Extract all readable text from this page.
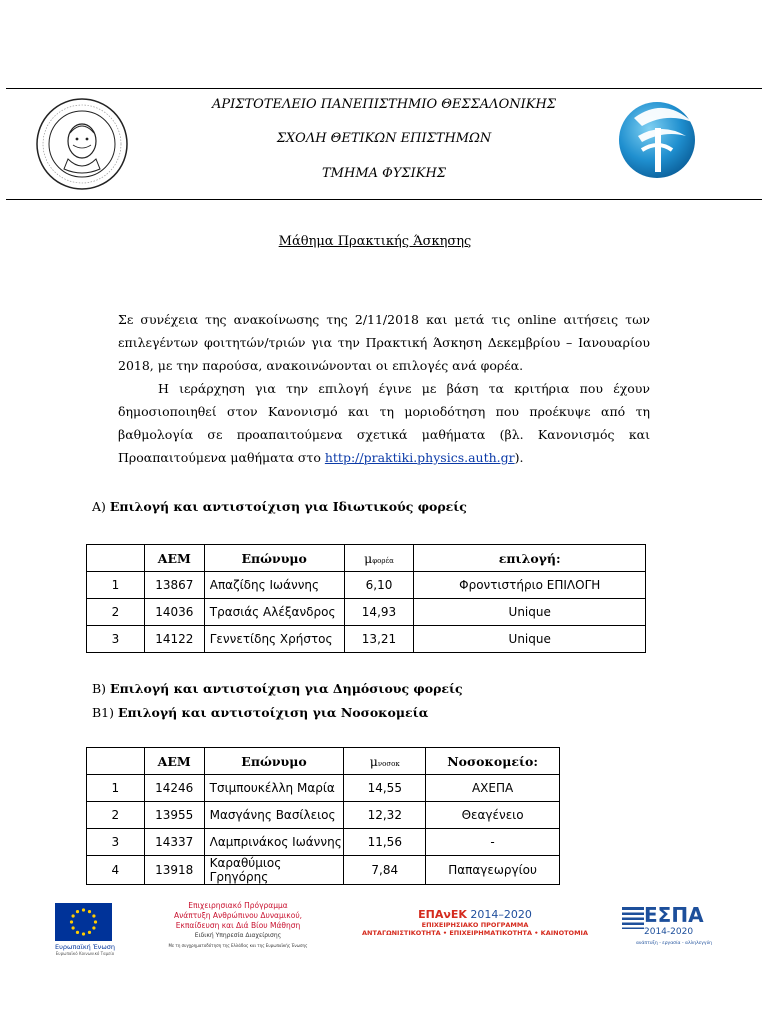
ΑΡΙΣΤΟΤΕΛΕΙΟ ΠΑΝΕΠΙΣΤΗΜΙΟ ΘΕΣΣΑΛΟΝΙΚΗΣ
ΣΧΟΛΗ ΘΕΤΙΚΩΝ ΕΠΙΣΤΗΜΩΝ
ΤΜΗΜΑ ΦΥΣΙΚΗΣ
Μάθημα Πρακτικής Άσκησης
Σε συνέχεια της ανακοίνωσης της 2/11/2018 και μετά τις online αιτήσεις των επιλεγέντων φοιτητών/τριών για την Πρακτική Άσκηση Δεκεμβρίου – Ιανουαρίου 2018, με την παρούσα, ανακοινώνονται οι επιλογές ανά φορέα.
Η ιεράρχηση για την επιλογή έγινε με βάση τα κριτήρια που έχουν δημοσιοποιηθεί στον Κανονισμό και τη μοριοδότηση που προέκυψε από τη βαθμολογία σε προαπαιτούμενα σχετικά μαθήματα (βλ. Κανονισμός και Προαπαιτούμενα μαθήματα στο http://praktiki.physics.auth.gr).
Α) Επιλογή και αντιστοίχιση για Ιδιωτικούς φορείς
	ΑΕΜ	Επώνυμο	μφορέα	επιλογή:
1	13867	Απαζίδης Ιωάννης	6,10	Φροντιστήριο ΕΠΙΛΟΓΗ
2	14036	Τρασιάς Αλέξανδρος	14,93	Unique
3	14122	Γεννετίδης Χρήστος	13,21	Unique
Β) Επιλογή και αντιστοίχιση για Δημόσιους φορείς
Β1) Επιλογή και αντιστοίχιση για Νοσοκομεία
	ΑΕΜ	Επώνυμο	μνοσοκ	Νοσοκομείο:
1	14246	Τσιμπουκέλλη Μαρία	14,55	ΑΧΕΠΑ
2	13955	Μασγάνης Βασίλειος	12,32	Θεαγένειο
3	14337	Λαμπρινάκος Ιωάννης	11,56	-
4	13918	Καραθύμιος Γρηγόρης	7,84	Παπαγεωργίου
Ευρωπαϊκή Ένωση
Ευρωπαϊκό Κοινωνικό Ταμείο
Επιχειρησιακό Πρόγραμμα
Ανάπτυξη Ανθρώπινου Δυναμικού,
Εκπαίδευση και Διά Βίου Μάθηση
Ειδική Υπηρεσία Διαχείρισης
Με τη συγχρηματοδότηση της Ελλάδας και της Ευρωπαϊκής Ένωσης
ΕΠΑνΕΚ 2014–2020
ΕΠΙΧΕΙΡΗΣΙΑΚΟ ΠΡΟΓΡΑΜΜΑ
ΑΝΤΑΓΩΝΙΣΤΙΚΟΤΗΤΑ • ΕΠΙΧΕΙΡΗΜΑΤΙΚΟΤΗΤΑ • ΚΑΙΝΟΤΟΜΙΑ
ΕΣΠΑ
2014-2020
ανάπτυξη - εργασία - αλληλεγγύη
